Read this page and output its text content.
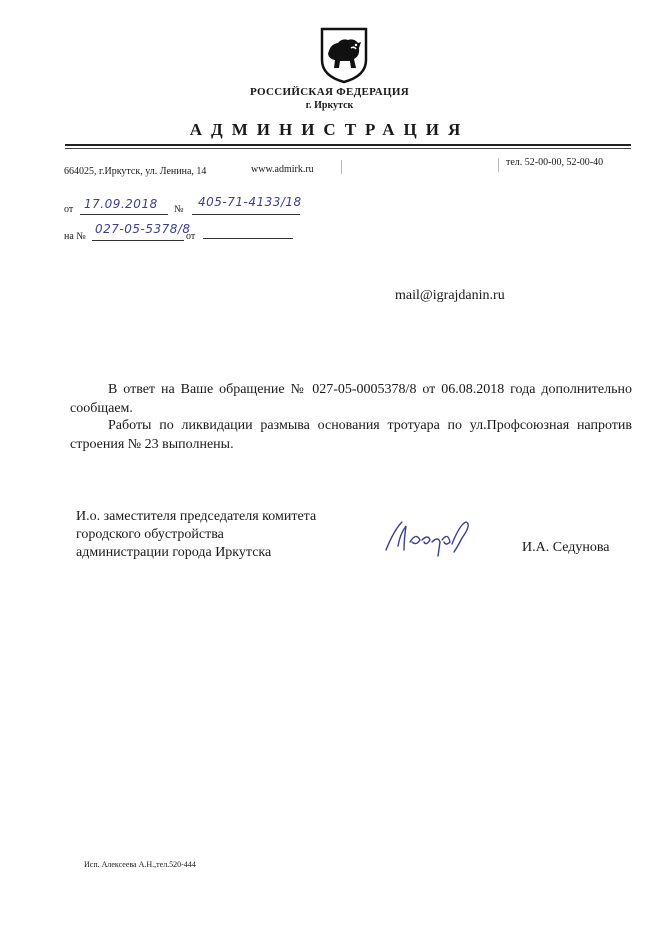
РОССИЙСКАЯ ФЕДЕРАЦИЯ
г. Иркутск
АДМИНИСТРАЦИЯ
664025, г.Иркутск, ул. Ленина, 14	www.admirk.ru
тел. 52-00-00, 52-00-40
от 17.09.2018 №
405-71-4133/18
на №
027-05-5378/8
от
mail@igrajdanin.ru
В ответ на Ваше обращение № 027-05-0005378/8 от 06.08.2018 года дополнительно сообщаем.
Работы по ликвидации размыва основания тротуара по ул.Профсоюзная напротив строения № 23 выполнены.
И.о. заместителя председателя комитета
городского обустройства
администрации города Иркутска	И.А. Седунова
Исп. Алексеева А.Н.,тел.520-444
